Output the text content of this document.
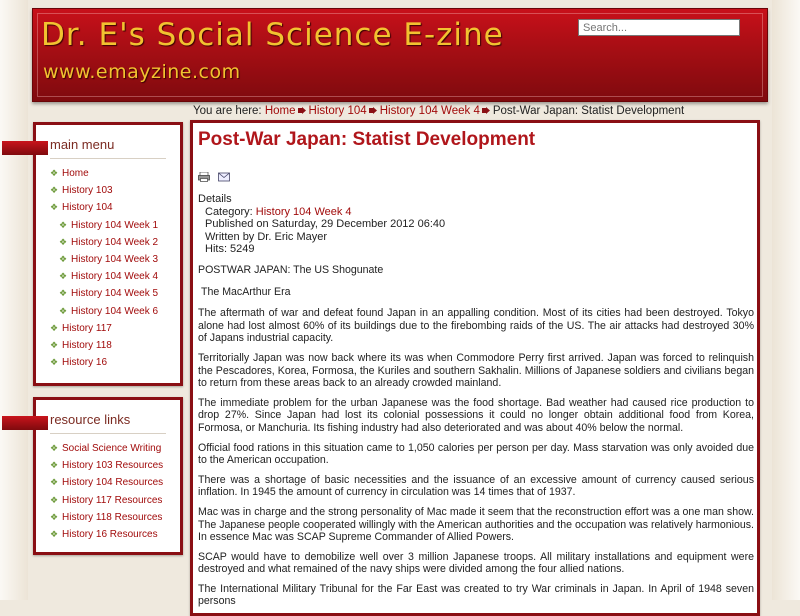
Dr. E's Social Science E-zine
www.emayzine.com
Search...
You are here: Home History 104 History 104 Week 4 Post-War Japan: Statist Development
main menu
❖ Home
❖ History 103
❖ History 104
❖ History 104 Week 1
❖ History 104 Week 2
❖ History 104 Week 3
❖ History 104 Week 4
❖ History 104 Week 5
❖ History 104 Week 6
❖ History 117
❖ History 118
❖ History 16
resource links
❖ Social Science Writing
❖ History 103 Resources
❖ History 104 Resources
❖ History 117 Resources
❖ History 118 Resources
❖ History 16 Resources
Post-War Japan: Statist Development

Details
Category: History 104 Week 4
Published on Saturday, 29 December 2012 06:40
Written by Dr. Eric Mayer
Hits: 5249

POSTWAR JAPAN: The US Shogunate

The MacArthur Era

The aftermath of war and defeat found Japan in an appalling condition. Most of its cities had been destroyed. Tokyo alone had lost almost 60% of its buildings due to the firebombing raids of the US. The air attacks had destroyed 30% of Japans industrial capacity.

Territorially Japan was now back where its was when Commodore Perry first arrived. Japan was forced to relinquish the Pescadores, Korea, Formosa, the Kuriles and southern Sakhalin. Millions of Japanese soldiers and civilians began to return from these areas back to an already crowded mainland.

The immediate problem for the urban Japanese was the food shortage. Bad weather had caused rice production to drop 27%. Since Japan had lost its colonial possessions it could no longer obtain additional food from Korea, Formosa, or Manchuria. Its fishing industry had also deteriorated and was about 40% below the normal.

Official food rations in this situation came to 1,050 calories per person per day. Mass starvation was only avoided due to the American occupation.

There was a shortage of basic necessities and the issuance of an excessive amount of currency caused serious inflation. In 1945 the amount of currency in circulation was 14 times that of 1937.

Mac was in charge and the strong personality of Mac made it seem that the reconstruction effort was a one man show. The Japanese people cooperated willingly with the American authorities and the occupation was relatively harmonious. In essence Mac was SCAP Supreme Commander of Allied Powers.

SCAP would have to demobilize well over 3 million Japanese troops. All military installations and equipment were destroyed and what remained of the navy ships were divided among the four allied nations.

The International Military Tribunal for the Far East was created to try War criminals in Japan. In April of 1948 seven persons
